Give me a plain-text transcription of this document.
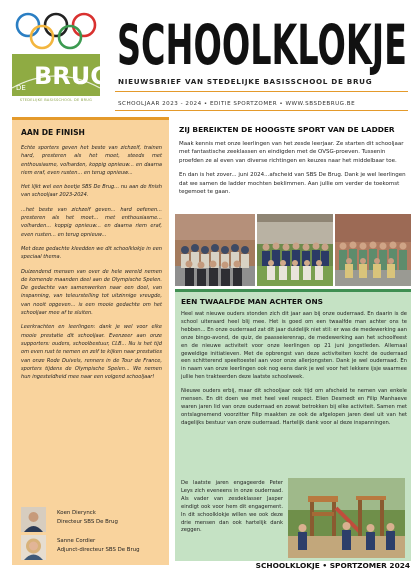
DE BRUG
STEDELIJKE BASISSCHOOL DE BRUG
SCHOOLKLOKJE
NIEUWSBRIEF VAN STEDELIJKE BASISSCHOOL DE BRUG
SCHOOLJAAR 2023 - 2024 • EDITIE SPORTZOMER • WWW.SBSDEBRUG.BE
AAN DE FINISH

Echte sporters geven het beste van zichzelf, trainen hard, presteren als het moet, steeds met enthousiasme, volharden, koppig opnieuw... en daarna riem eraf, even rusten... en terug opnieuw...

Het lijkt wel een beetje SBS De Brug... nu aan de finish van schooljaar 2023-2024.

...het beste van zichzelf geven... hard oefenen... presteren als het moet... met enthousiasme... volharden... koppig opnieuw... en daarna riem eraf, even rusten... en terug opnieuw...

Met deze gedachte kleedden we dit schoolklokje in een speciaal thema.

Duizendend mensen van over de hele wereld nemen de komende maanden deel aan de Olympische Spelen. De gedachte van samenwerken naar een doel, van inspanning, van teleurstelling tot uitzinnige vreugde, van nooit opgeven... is een mooie gedachte om het schooljaar mee af te sluiten.

Leerkrachten en leerlingen: dank je wel voor elke mooie prestatie dit schooljaar. Evenzeer aan onze supporters: ouders, schoolbestuur, CLB... Nu is het tijd om even rust te nemen en zelf te kijken naar prestaties van onze Rode Duivels, renners in de Tour de France, sporters tijdens de Olympische Spelen... We nemen hun ingesteldheid mee naar een volgend schooljaar!

Koen Dierynck
Directeur SBS De Brug
Sanne Cordier
Adjunct-directeur SBS De Brug
ZIJ BEREIKTEN DE HOOGSTE SPORT VAN DE LADDER

Maak kennis met onze leerlingen van het zesde leerjaar. Ze starten dit schooljaar met fantastische zeeklassen en eindigden met de OVSG-proeven. Tussenin proefden ze al even van diverse richtingen en keuzes naar het middelbaar toe.

En dan is het zover... juni 2024...afscheid van SBS De Brug. Dank je wel leerlingen dat we samen de ladder mochten beklimmen. Aan jullie om verder de toekomst tegemoet te gaan.

EEN TWAALFDE MAN ACHTER ONS

Heel wat nieuwe ouders stonden zich dit jaar aan bij onze ouderraad. En daarin is de school uiteraard heel blij mee. Het is goed om een twaalfde man achter ons te hebben... En onze ouderraad zat dit jaar duidelijk niet stil: er was de medewerking aan onze bingo-avond, de quiz, de paasseierenrap, de medewerking aan het schoolfeest en de nieuwe activiteit voor onze leerlingen op 21 juni jongstleden. Allemaal geweldige initiatieven. Met de opbrengst van deze activiteiten kocht de ouderraad een schitterend speeltoestel aan voor onze allerjongsten. Dank je wel ouderraad. En in naam van onze leerlingen ook nog eens dank je wel voor het lekkere ijsje waarmee jullie hen trakteerden deze laatste schoolweek.

Nieuwe ouders erbij, maar dit schooljaar ook tijd om afscheid te nemen van enkele mensen. En dit doen we met heel veel respect. Elien Desmedt en Filip Manhaeve waren jaren lid van onze ouderraad en zowat betrokken bij elke activiteit. Samen met ontslagnemend voorzitter Filip maakten ze ook de afgelopen jaren deel uit van het dagelijks bestuur van onze ouderraad. Hartelijk dank voor al deze inspanningen.

De laatste jaren engageerde Peter Leys zich eveneens in onze ouderraad. Als vader van zesdeklasser Jasper eindigt ook voor hem dit engagement. In dit schoolklokje willen we ook deze drie mensen dan ook hartelijk dank zeggen.
SCHOOLKLOKJE • SPORTZOMER 2024
